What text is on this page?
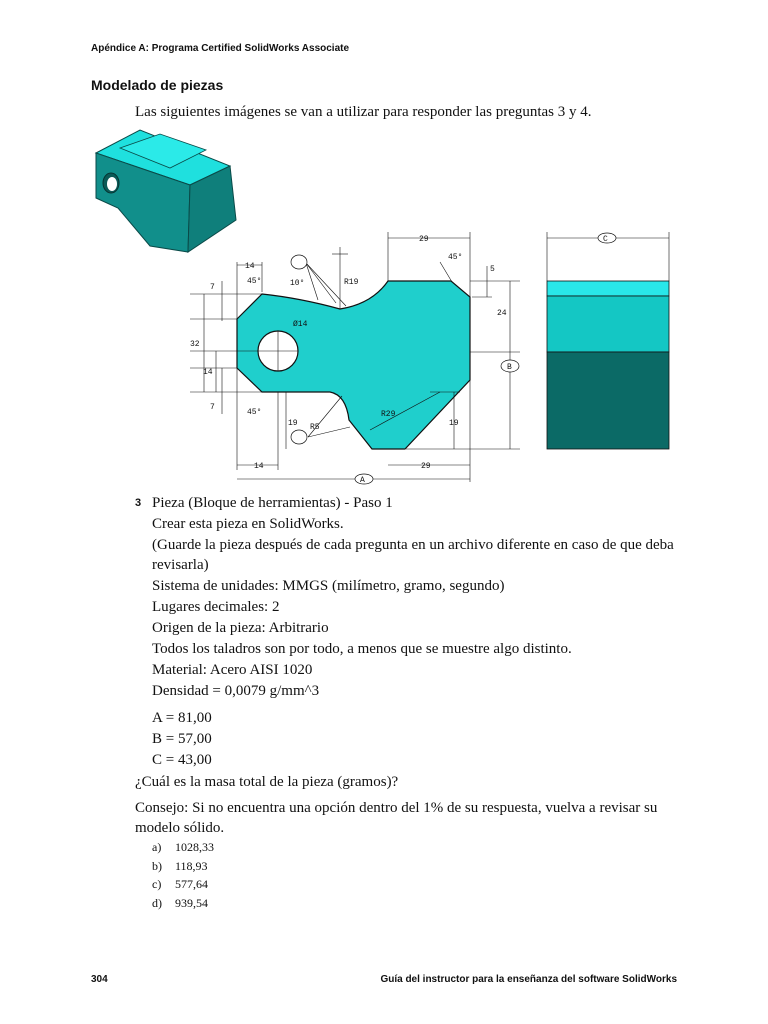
Apéndice A: Programa Certified SolidWorks Associate
Modelado de piezas
Las siguientes imágenes se van a utilizar para responder las preguntas 3 y 4.
14
45°	10°	R19
29
45°
5
24
B
7
Ø14
32
14
7
45°
19 R5
R29
19
14	29
A
C
3 Pieza (Bloque de herramientas) - Paso 1

Crear esta pieza en SolidWorks.

(Guarde la pieza después de cada pregunta en un archivo diferente en caso de que deba revisarla)

Sistema de unidades: MMGS (milímetro, gramo, segundo)

Lugares decimales: 2

Origen de la pieza: Arbitrario

Todos los taladros son por todo, a menos que se muestre algo distinto.

Material: Acero AISI 1020

Densidad = 0,0079 g/mm^3

A = 81,00

B = 57,00

C = 43,00

¿Cuál es la masa total de la pieza (gramos)?

Consejo: Si no encuentra una opción dentro del 1% de su respuesta, vuelva a revisar su modelo sólido.

a) 1028,33
b) 118,93
c) 577,64
d) 939,54
304	Guía del instructor para la enseñanza del software SolidWorks
